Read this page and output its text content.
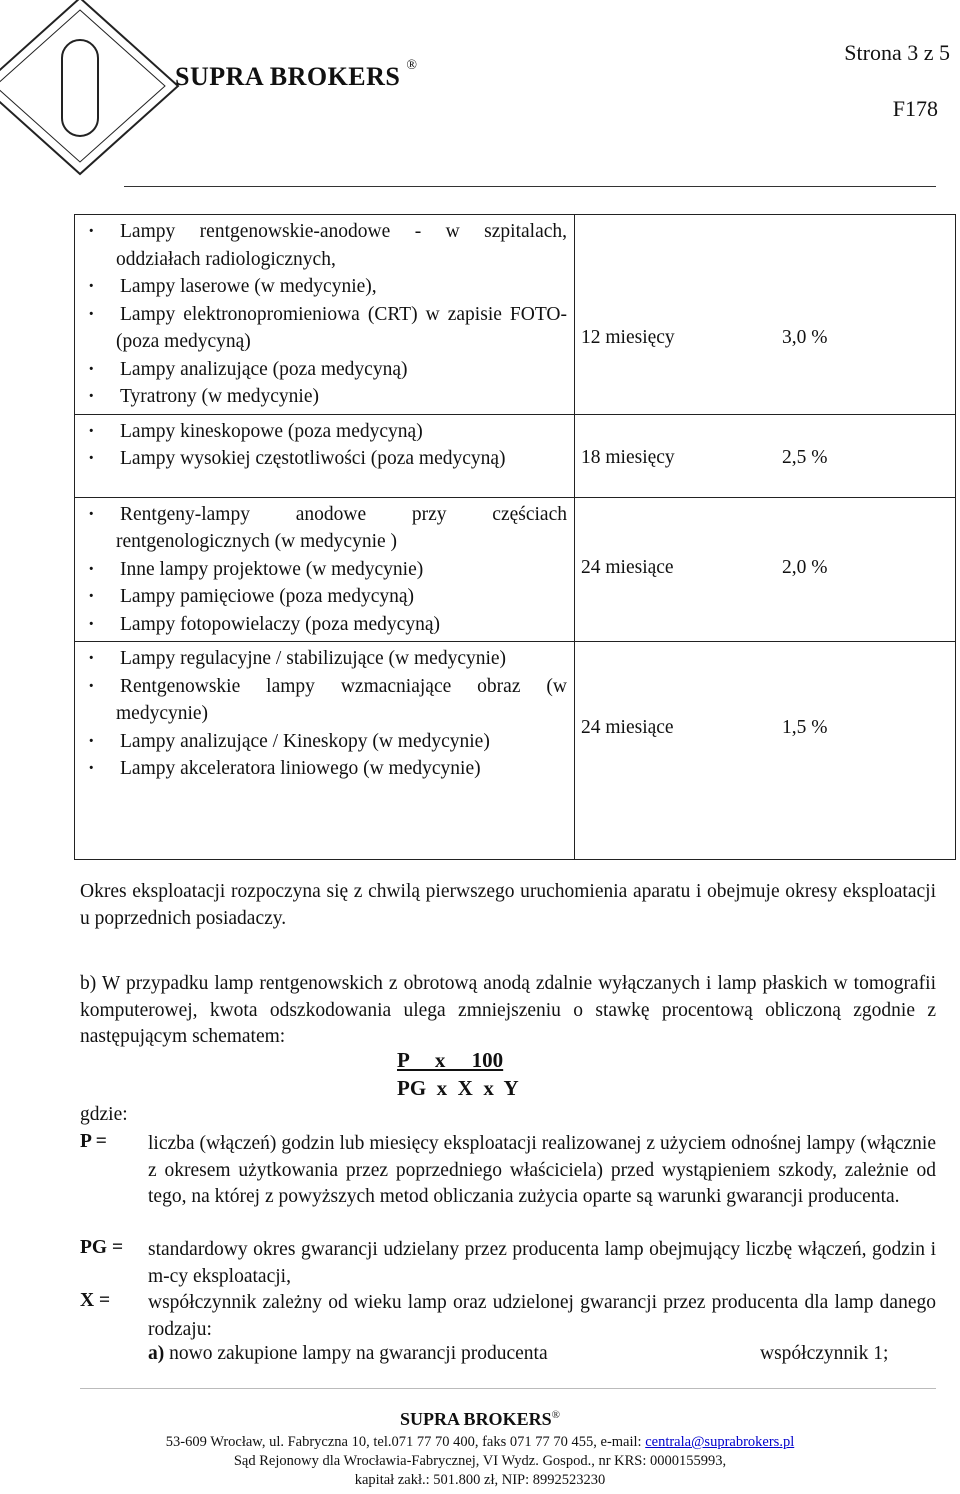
SUPRA BROKERS ®
Strona 3 z 5
F178
· Lampy rentgenowskie-anodowe - w szpitalach, oddziałach radiologicznych,
· Lampy laserowe (w medycynie),
· Lampy elektronopromieniowa (CRT) w zapisie FOTO- (poza medycyną)
· Lampy analizujące (poza medycyną)
· Tyratrony (w medycynie)	12 miesięcy	3,0 %

· Lampy kineskopowe (poza medycyną)
· Lampy wysokiej częstotliwości (poza medycyną)	18 miesięcy	2,5 %

· Rentgeny-lampy anodowe przy częściach rentgenologicznych (w medycynie )
· Inne lampy projektowe (w medycynie)
· Lampy pamięciowe (poza medycyną)
· Lampy fotopowielaczy (poza medycyną)	24 miesiące	2,0 %

· Lampy regulacyjne / stabilizujące (w medycynie)
· Rentgenowskie lampy wzmacniające obraz (w medycynie)
· Lampy analizujące / Kineskopy (w medycynie)
· Lampy akceleratora liniowego (w medycynie)	24 miesiące	1,5 %
Okres eksploatacji rozpoczyna się z chwilą pierwszego uruchomienia aparatu i obejmuje okresy eksploatacji u poprzednich posiadaczy.
b) W przypadku lamp rentgenowskich z obrotową anodą zdalnie wyłączanych i lamp płaskich w tomografii komputerowej, kwota odszkodowania ulega zmniejszeniu o stawkę procentową obliczoną zgodnie z następującym schematem:
P     x     100
PG  x  X  x  Y
gdzie:
P = liczba (włączeń) godzin lub miesięcy eksploatacji realizowanej z użyciem odnośnej lampy (włącznie z okresem użytkowania przez poprzedniego właściciela) przed wystąpieniem szkody, zależnie od tego, na której z powyższych metod obliczania zużycia oparte są warunki gwarancji producenta.
PG = standardowy okres gwarancji udzielany przez producenta lamp obejmujący liczbę włączeń, godzin i m-cy eksploatacji,
X = współczynnik zależny od wieku lamp oraz udzielonej gwarancji przez producenta dla lamp danego rodzaju:
a) nowo zakupione lampy na gwarancji producenta	współczynnik 1;
SUPRA BROKERS®
53-609 Wrocław, ul. Fabryczna 10, tel.071 77 70 400, faks 071 77 70 455, e-mail: centrala@suprabrokers.pl
Sąd Rejonowy dla Wrocławia-Fabrycznej, VI Wydz. Gospod., nr KRS: 0000155993,
kapitał zakł.: 501.800 zł, NIP: 8992523230
